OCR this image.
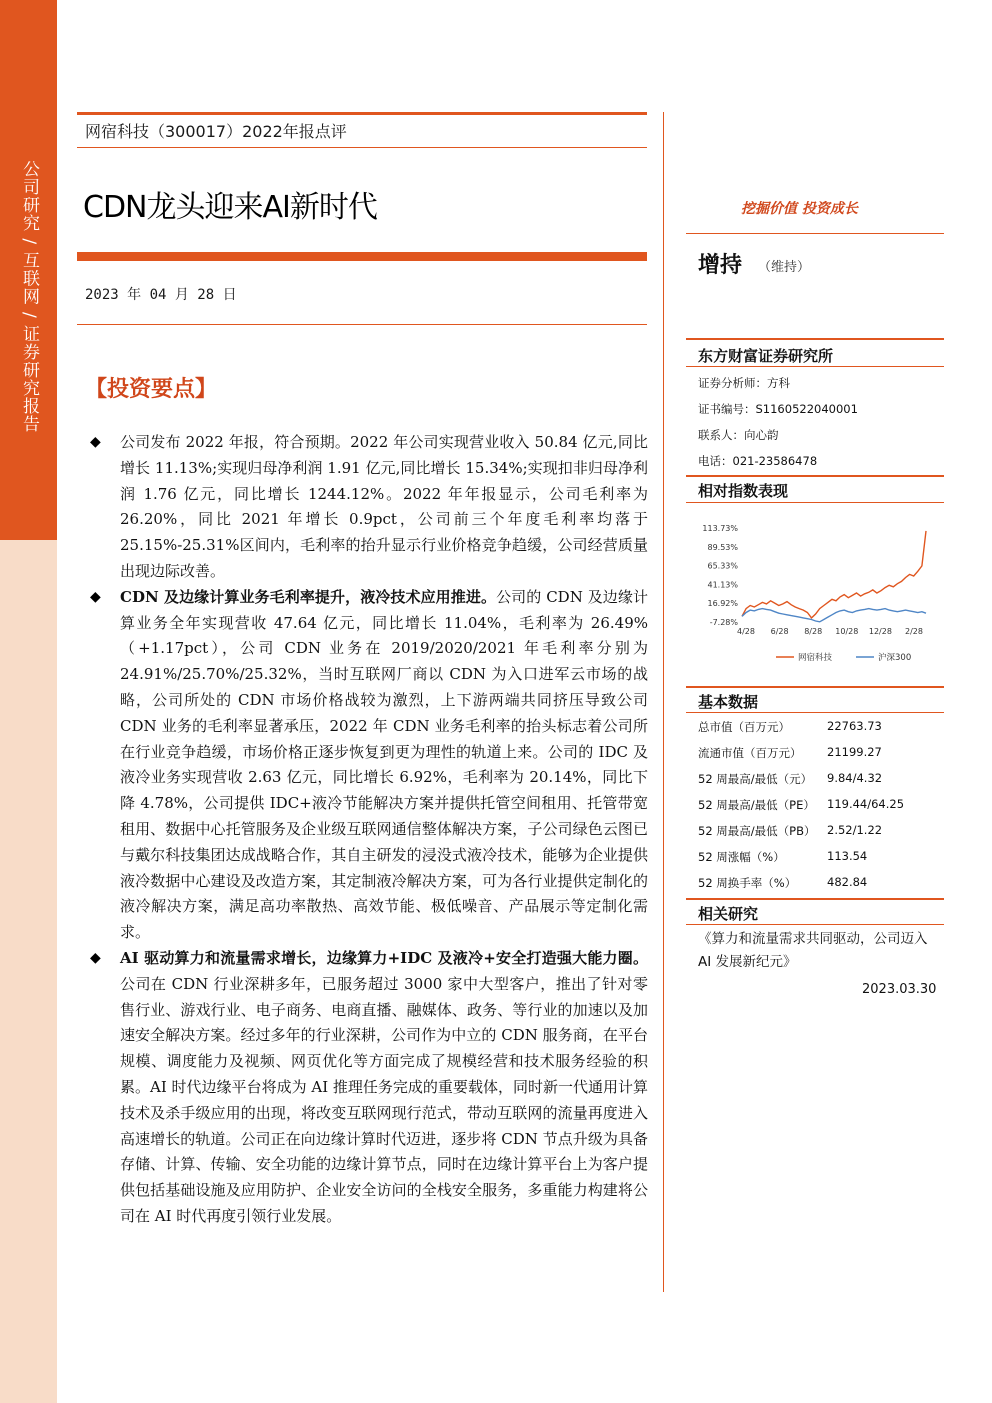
公司研究 / 互联网 / 证券研究报告
网宿科技（300017）2022年报点评
CDN龙头迎来AI新时代
2023 年 04 月 28 日
【投资要点】
◆ 公司发布 2022 年报，符合预期。2022 年公司实现营业收入 50.84 亿元,同比增长 11.13%;实现归母净利润 1.91 亿元,同比增长 15.34%;实现扣非归母净利润 1.76 亿元，同比增长 1244.12%。2022 年年报显示，公司毛利率为 26.20%，同比 2021 年增长 0.9pct，公司前三个年度毛利率均落于 25.15%-25.31%区间内，毛利率的抬升显示行业价格竞争趋缓，公司经营质量出现边际改善。
◆ CDN 及边缘计算业务毛利率提升，液冷技术应用推进。公司的 CDN 及边缘计算业务全年实现营收 47.64 亿元，同比增长 11.04%，毛利率为 26.49%（+1.17pct），公司 CDN 业务在 2019/2020/2021 年毛利率分别为 24.91%/25.70%/25.32%，当时互联网厂商以 CDN 为入口进军云市场的战略，公司所处的 CDN 市场价格战较为激烈，上下游两端共同挤压导致公司 CDN 业务的毛利率显著承压，2022 年 CDN 业务毛利率的抬头标志着公司所在行业竞争趋缓，市场价格正逐步恢复到更为理性的轨道上来。公司的 IDC 及液冷业务实现营收 2.63 亿元，同比增长 6.92%，毛利率为 20.14%，同比下降 4.78%，公司提供 IDC+液冷节能解决方案并提供托管空间租用、托管带宽租用、数据中心托管服务及企业级互联网通信整体解决方案，子公司绿色云图已与戴尔科技集团达成战略合作，其自主研发的浸没式液冷技术，能够为企业提供液冷数据中心建设及改造方案，其定制液冷解决方案，可为各行业提供定制化的液冷解决方案，满足高功率散热、高效节能、极低噪音、产品展示等定制化需求。
◆ AI 驱动算力和流量需求增长，边缘算力+IDC 及液冷+安全打造强大能力圈。公司在 CDN 行业深耕多年，已服务超过 3000 家中大型客户，推出了针对零售行业、游戏行业、电子商务、电商直播、融媒体、政务、等行业的加速以及加速安全解决方案。经过多年的行业深耕，公司作为中立的 CDN 服务商，在平台规模、调度能力及视频、网页优化等方面完成了规模经营和技术服务经验的积累。AI 时代边缘平台将成为 AI 推理任务完成的重要载体，同时新一代通用计算技术及杀手级应用的出现，将改变互联网现行范式，带动互联网的流量再度进入高速增长的轨道。公司正在向边缘计算时代迈进，逐步将 CDN 节点升级为具备存储、计算、传输、安全功能的边缘计算节点，同时在边缘计算平台上为客户提供包括基础设施及应用防护、企业安全访问的全栈安全服务，多重能力构建将公司在 AI 时代再度引领行业发展。
挖掘价值 投资成长
增持 （维持）
东方财富证券研究所
证券分析师：方科
证书编号：S1160522040001
联系人：向心韵
电话：021-23586478
相对指数表现
113.73%
89.53%
65.33%
41.13%
16.92%
-7.28%
4/28 6/28 8/28 10/28 12/28 2/28
网宿科技	沪深300
基本数据
总市值（百万元）	22763.73
流通市值（百万元） 21199.27
52 周最高/最低（元） 9.84/4.32
52 周最高/最低（PE） 119.44/64.25
52 周最高/最低（PB） 2.52/1.22
52 周涨幅（%）	113.54
52 周换手率（%）	482.84
相关研究
《算力和流量需求共同驱动，公司迈入 AI 发展新纪元》
2023.03.30
